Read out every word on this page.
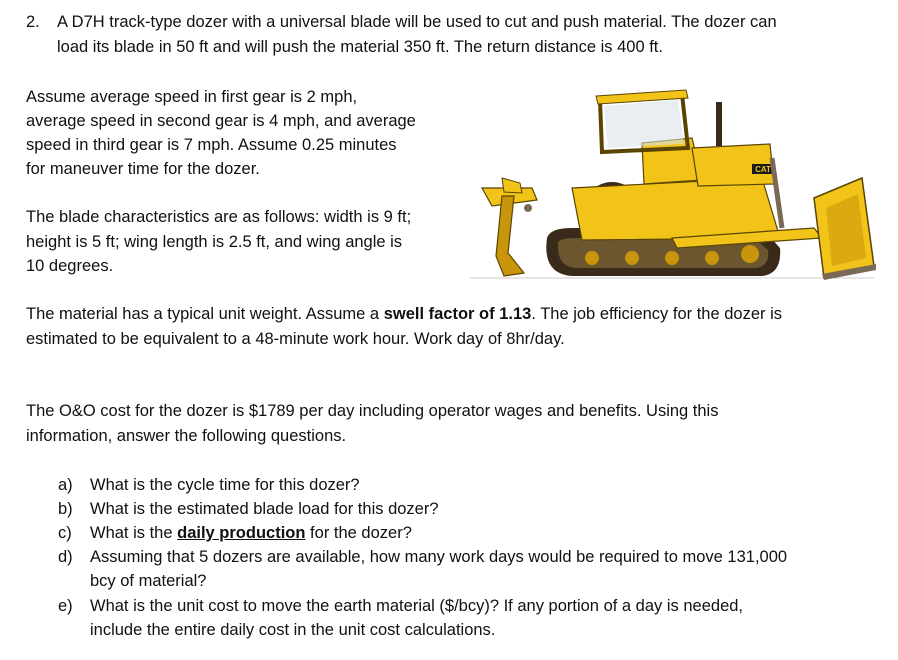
2. A D7H track-type dozer with a universal blade will be used to cut and push material. The dozer can
load its blade in 50 ft and will push the material 350 ft. The return distance is 400 ft.
Assume average speed in first gear is 2 mph,
average speed in second gear is 4 mph, and average
speed in third gear is 7 mph. Assume 0.25 minutes
for maneuver time for the dozer.
The blade characteristics are as follows: width is 9 ft;
height is 5 ft; wing length is 2.5 ft, and wing angle is
10 degrees.
The material has a typical unit weight. Assume a swell factor of 1.13. The job efficiency for the dozer is
estimated to be equivalent to a 48-minute work hour. Work day of 8hr/day.
The O&O cost for the dozer is $1789 per day including operator wages and benefits. Using this
information, answer the following questions.
a) What is the cycle time for this dozer?
b) What is the estimated blade load for this dozer?
c) What is the daily production for the dozer?
d) Assuming that 5 dozers are available, how many work days would be required to move 131,000
bcy of material?
e) What is the unit cost to move the earth material ($/bcy)? If any portion of a day is needed,
include the entire daily cost in the unit cost calculations.
CAT
